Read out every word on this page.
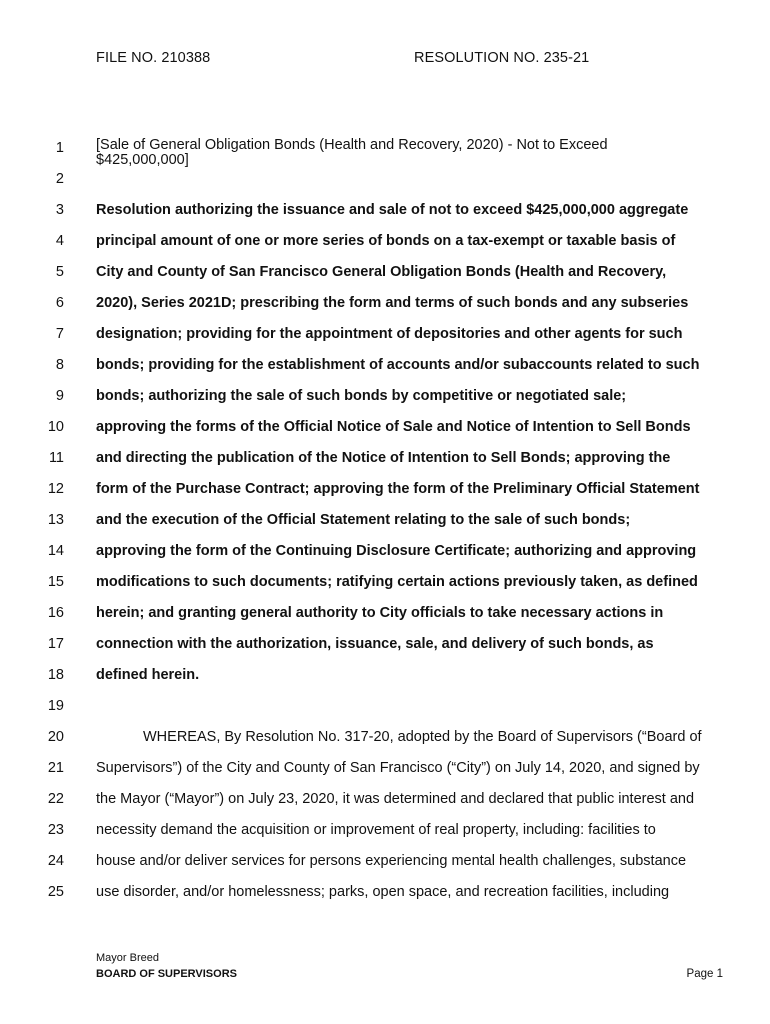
FILE NO. 210388	RESOLUTION NO. 235-21
1 [Sale of General Obligation Bonds (Health and Recovery, 2020) - Not to Exceed
$425,000,000]
2
3 Resolution authorizing the issuance and sale of not to exceed $425,000,000 aggregate
4 principal amount of one or more series of bonds on a tax-exempt or taxable basis of
5 City and County of San Francisco General Obligation Bonds (Health and Recovery,
6 2020), Series 2021D; prescribing the form and terms of such bonds and any subseries
7 designation; providing for the appointment of depositories and other agents for such
8 bonds; providing for the establishment of accounts and/or subaccounts related to such
9 bonds; authorizing the sale of such bonds by competitive or negotiated sale;
10 approving the forms of the Official Notice of Sale and Notice of Intention to Sell Bonds
11 and directing the publication of the Notice of Intention to Sell Bonds; approving the
12 form of the Purchase Contract; approving the form of the Preliminary Official Statement
13 and the execution of the Official Statement relating to the sale of such bonds;
14 approving the form of the Continuing Disclosure Certificate; authorizing and approving
15 modifications to such documents; ratifying certain actions previously taken, as defined
16 herein; and granting general authority to City officials to take necessary actions in
17 connection with the authorization, issuance, sale, and delivery of such bonds, as
18 defined herein.
19
20	WHEREAS, By Resolution No. 317-20, adopted by the Board of Supervisors (“Board of
21 Supervisors”) of the City and County of San Francisco (“City”) on July 14, 2020, and signed by
22 the Mayor (“Mayor”) on July 23, 2020, it was determined and declared that public interest and
23 necessity demand the acquisition or improvement of real property, including: facilities to
24 house and/or deliver services for persons experiencing mental health challenges, substance
25 use disorder, and/or homelessness; parks, open space, and recreation facilities, including
Mayor Breed
BOARD OF SUPERVISORS	Page 1
